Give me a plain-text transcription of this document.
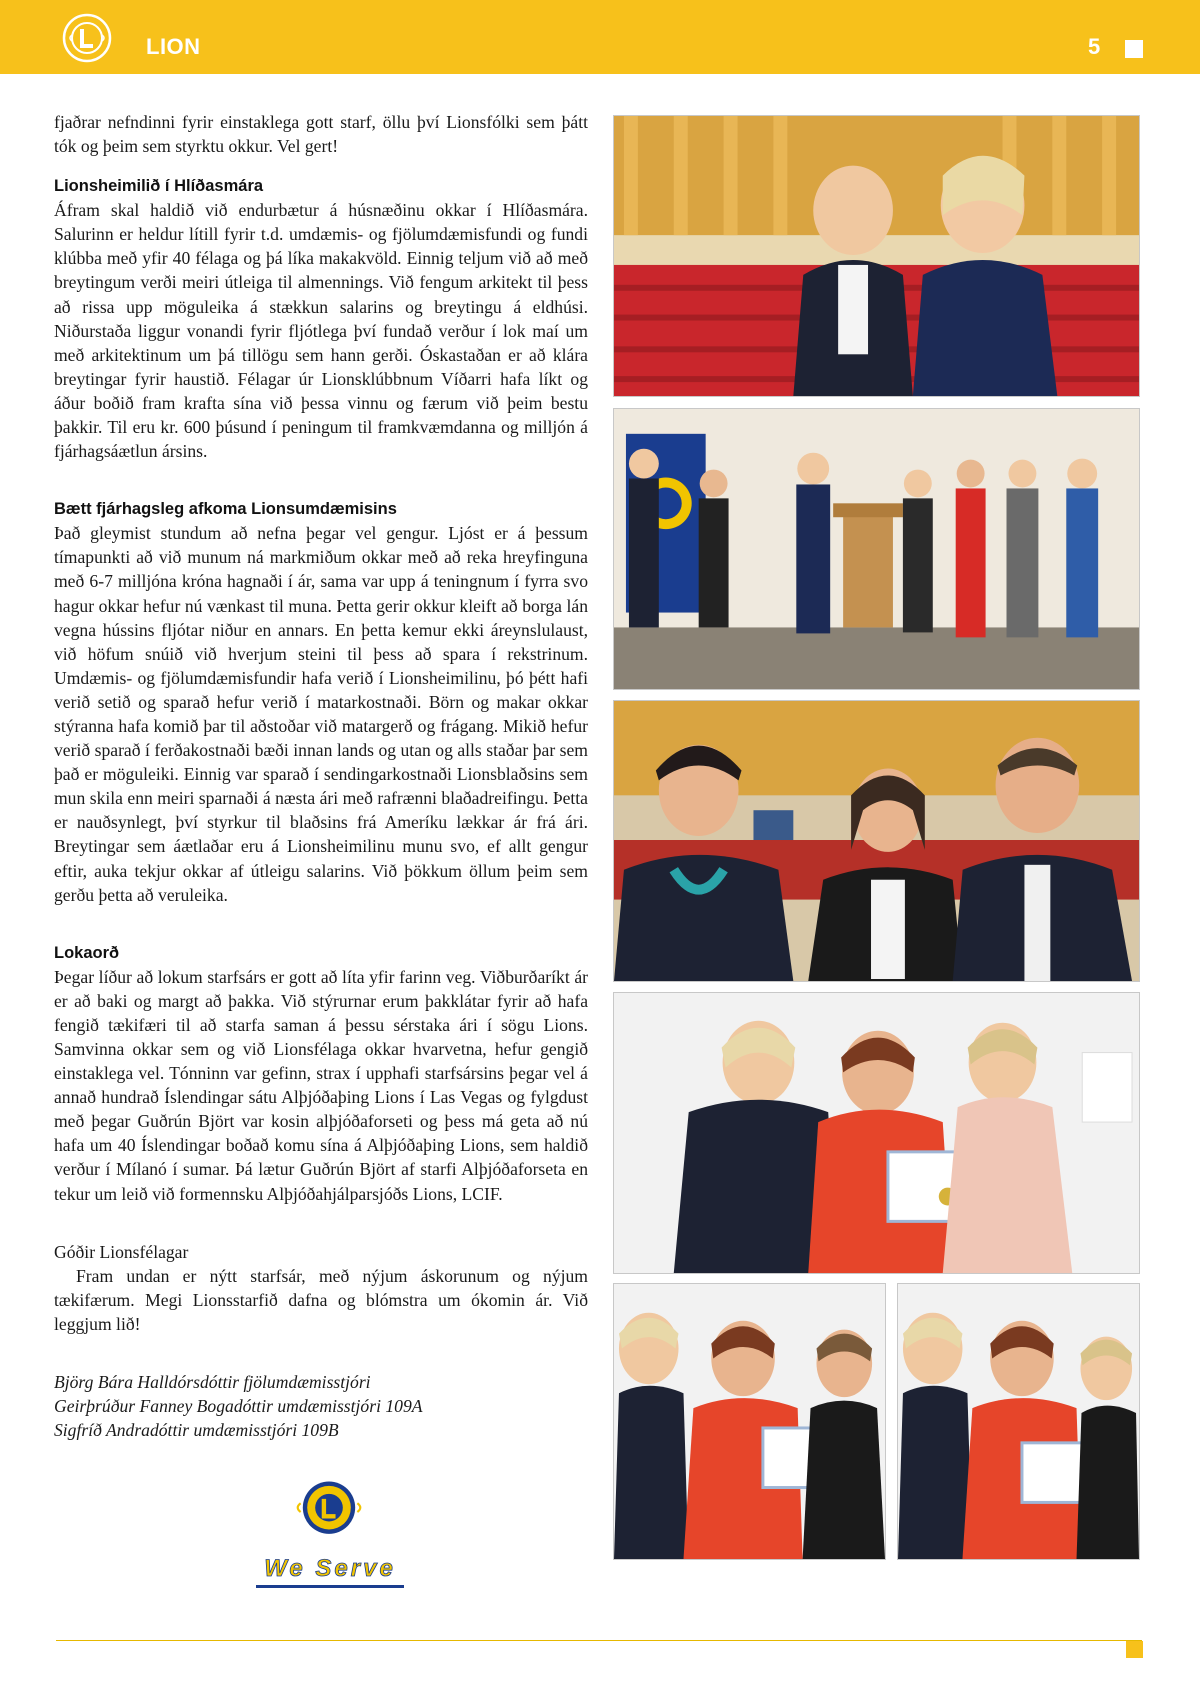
LION	5

fjaðrar nefndinni fyrir einstaklega gott starf, öllu því Lionsfólki sem þátt tók og þeim sem styrktu okkur. Vel gert!

Lionsheimilið í Hlíðasmára

Áfram skal haldið við endurbætur á húsnæðinu okkar í Hlíðasmára. Salurinn er heldur lítill fyrir t.d. umdæmis- og fjölumdæmisfundi og fundi klúbba með yfir 40 félaga og þá líka makakvöld. Einnig teljum við að með breytingum verði meiri útleiga til almennings. Við fengum arkitekt til þess að rissa upp möguleika á stækkun salarins og breytingu á eldhúsi. Niðurstaða liggur vonandi fyrir fljótlega því fundað verður í lok maí um með arkitektinum um þá tillögu sem hann gerði. Óskastaðan er að klára breytingar fyrir haustið. Félagar úr Lionsklúbbnum Víðarri hafa líkt og áður boðið fram krafta sína við þessa vinnu og færum við þeim bestu þakkir. Til eru kr. 600 þúsund í peningum til framkvæmdanna og milljón á fjárhagsáætlun ársins.

Bætt fjárhagsleg afkoma Lionsumdæmisins

Það gleymist stundum að nefna þegar vel gengur. Ljóst er á þessum tímapunkti að við munum ná markmiðum okkar með að reka hreyfinguna með 6-7 milljóna króna hagnaði í ár, sama var upp á teningnum í fyrra svo hagur okkar hefur nú vænkast til muna. Þetta gerir okkur kleift að borga lán vegna hússins fljótar niður en annars. En þetta kemur ekki áreynslulaust, við höfum snúið við hverjum steini til þess að spara í rekstrinum. Umdæmis- og fjölumdæmisfundir hafa verið í Lionsheimilinu, þó þétt hafi verið setið og sparað hefur verið í matarkostnaði. Börn og makar okkar stýranna hafa komið þar til aðstoðar við matargerð og frágang. Mikið hefur verið sparað í ferðakostnaði bæði innan lands og utan og alls staðar þar sem það er möguleiki. Einnig var sparað í sendingarkostnaði Lionsblaðsins sem mun skila enn meiri sparnaði á næsta ári með rafrænni blaðadreifingu. Þetta er nauðsynlegt, því styrkur til blaðsins frá Ameríku lækkar ár frá ári. Breytingar sem áætlaðar eru á Lionsheimilinu munu svo, ef allt gengur eftir, auka tekjur okkar af útleigu salarins. Við þökkum öllum þeim sem gerðu þetta að veruleika.

Lokaorð

Þegar líður að lokum starfsárs er gott að líta yfir farinn veg. Viðburðaríkt ár er að baki og margt að þakka. Við stýrurnar erum þakklátar fyrir að hafa fengið tækifæri til að starfa saman á þessu sérstaka ári í sögu Lions. Samvinna okkar sem og við Lionsfélaga okkar hvarvetna, hefur gengið einstaklega vel. Tónninn var gefinn, strax í upphafi starfsársins þegar vel á annað hundrað Íslendingar sátu Alþjóðaþing Lions í Las Vegas og fylgdust með þegar Guðrún Björt var kosin alþjóðaforseti og þess má geta að nú hafa um 40 Íslendingar boðað komu sína á Alþjóðaþing Lions, sem haldið verður í Mílanó í sumar. Þá lætur Guðrún Björt af starfi Alþjóðaforseta en tekur um leið við formennsku Alþjóðahjálparsjóðs Lions, LCIF.

Góðir Lionsfélagar

Fram undan er nýtt starfsár, með nýjum áskorunum og nýjum tækifærum. Megi Lionsstarfið dafna og blómstra um ókomin ár. Við leggjum lið!

Björg Bára Halldórsdóttir fjölumdæmisstjóri

Geirþrúður Fanney Bogadóttir umdæmisstjóri 109A

Sigfríð Andradóttir umdæmisstjóri 109B

We Serve
